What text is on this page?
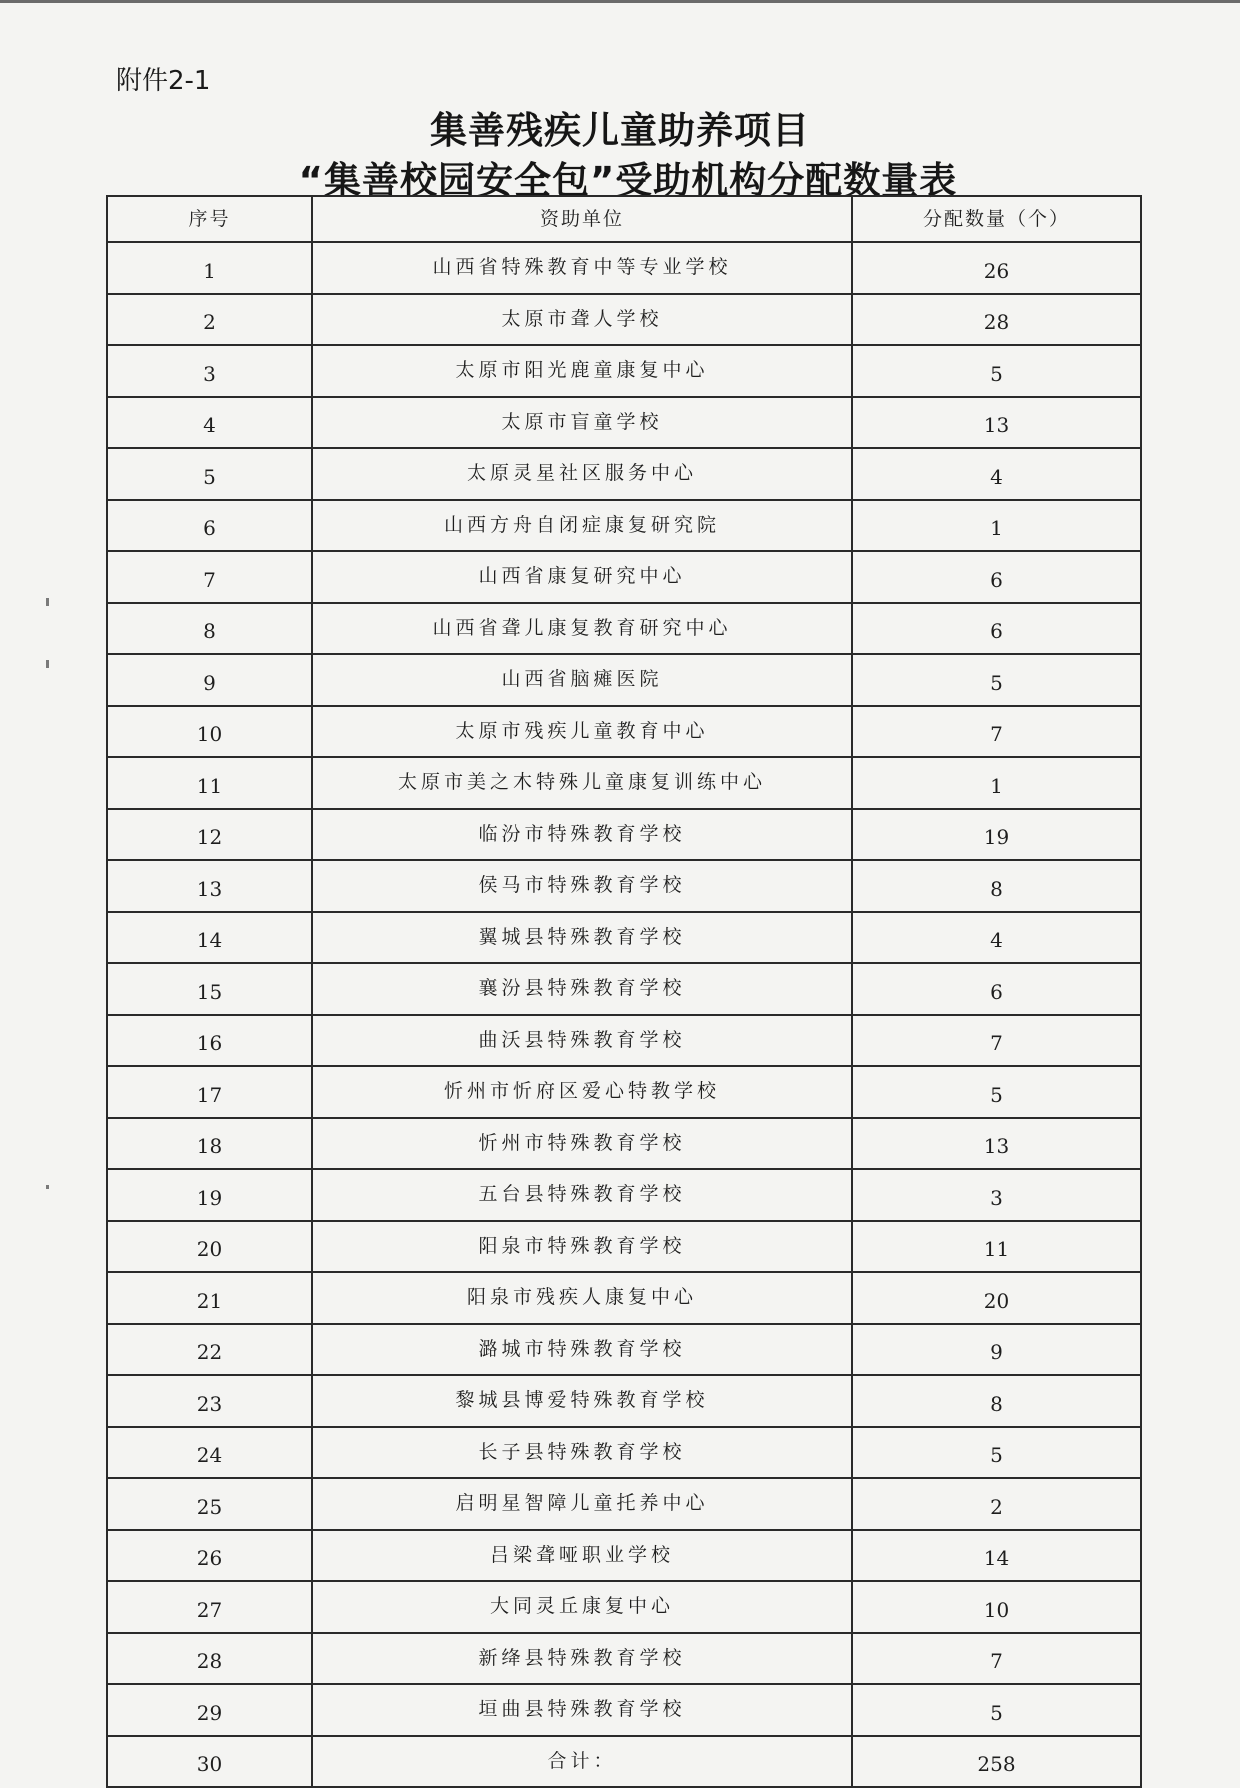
附件2-1
集善残疾儿童助养项目
“集善校园安全包”受助机构分配数量表
序号	资助单位	分配数量（个）
1	山西省特殊教育中等专业学校	26
2	太原市聋人学校	28
3	太原市阳光鹿童康复中心	5
4	太原市盲童学校	13
5	太原灵星社区服务中心	4
6	山西方舟自闭症康复研究院	1
7	山西省康复研究中心	6
8	山西省聋儿康复教育研究中心	6
9	山西省脑瘫医院	5
10	太原市残疾儿童教育中心	7
11	太原市美之木特殊儿童康复训练中心	1
12	临汾市特殊教育学校	19
13	侯马市特殊教育学校	8
14	翼城县特殊教育学校	4
15	襄汾县特殊教育学校	6
16	曲沃县特殊教育学校	7
17	忻州市忻府区爱心特教学校	5
18	忻州市特殊教育学校	13
19	五台县特殊教育学校	3
20	阳泉市特殊教育学校	11
21	阳泉市残疾人康复中心	20
22	潞城市特殊教育学校	9
23	黎城县博爱特殊教育学校	8
24	长子县特殊教育学校	5
25	启明星智障儿童托养中心	2
26	吕梁聋哑职业学校	14
27	大同灵丘康复中心	10
28	新绛县特殊教育学校	7
29	垣曲县特殊教育学校	5
30	合计：	258
